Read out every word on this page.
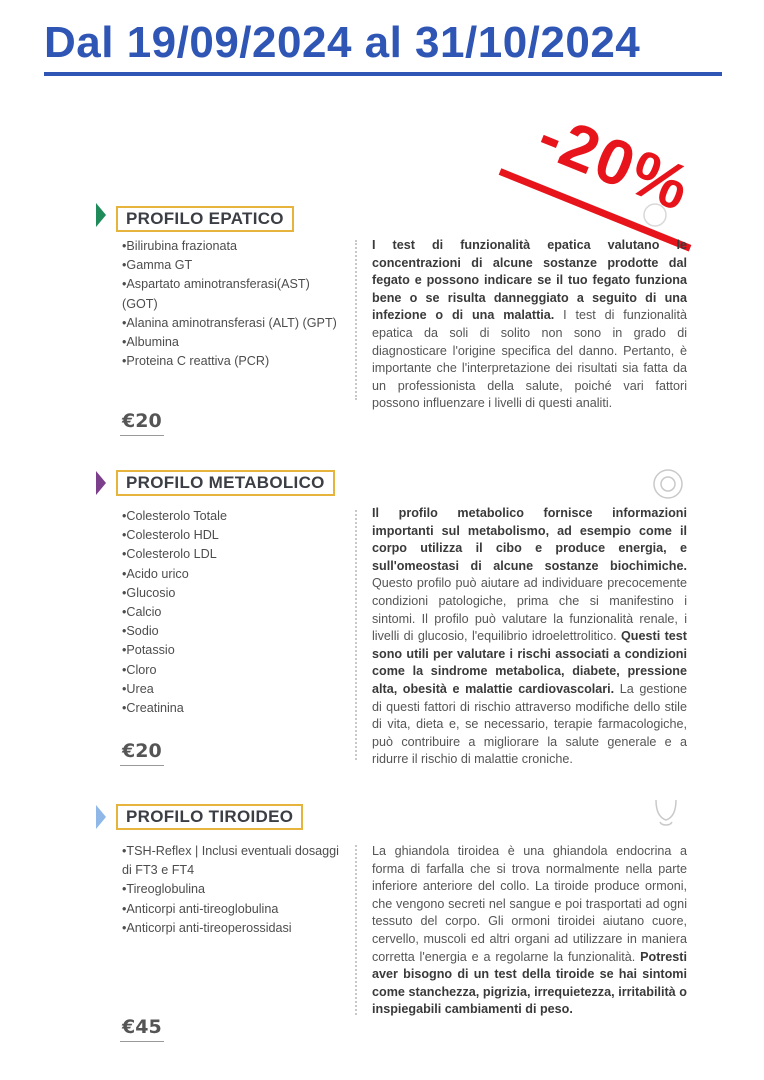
Dal 19/09/2024 al 31/10/2024
-20%
PROFILO EPATICO
•Bilirubina frazionata
•Gamma GT
•Aspartato aminotransferasi(AST) (GOT)
•Alanina aminotransferasi (ALT) (GPT)
•Albumina
•Proteina C reattiva (PCR)
€20
I test di funzionalità epatica valutano le concentrazioni di alcune sostanze prodotte dal fegato e possono indicare se il tuo fegato funziona bene o se risulta danneggiato a seguito di una infezione o di una malattia. I test di funzionalità epatica da soli di solito non sono in grado di diagnosticare l'origine specifica del danno. Pertanto, è importante che l'interpretazione dei risultati sia fatta da un professionista della salute, poiché vari fattori possono influenzare i livelli di questi analiti.
PROFILO METABOLICO
•Colesterolo Totale
•Colesterolo HDL
•Colesterolo LDL
•Acido urico
•Glucosio
•Calcio
•Sodio
•Potassio
•Cloro
•Urea
•Creatinina
€20
Il profilo metabolico fornisce informazioni importanti sul metabolismo, ad esempio come il corpo utilizza il cibo e produce energia, e sull'omeostasi di alcune sostanze biochimiche. Questo profilo può aiutare ad individuare precocemente condizioni patologiche, prima che si manifestino i sintomi. Il profilo può valutare la funzionalità renale, i livelli di glucosio, l'equilibrio idroelettrolitico. Questi test sono utili per valutare i rischi associati a condizioni come la sindrome metabolica, diabete, pressione alta, obesità e malattie cardiovascolari. La gestione di questi fattori di rischio attraverso modifiche dello stile di vita, dieta e, se necessario, terapie farmacologiche, può contribuire a migliorare la salute generale e a ridurre il rischio di malattie croniche.
PROFILO TIROIDEO
•TSH-Reflex | Inclusi eventuali dosaggi di FT3 e FT4
•Tireoglobulina
•Anticorpi anti-tireoglobulina
•Anticorpi anti-tireoperossidasi
€45
La ghiandola tiroidea è una ghiandola endocrina a forma di farfalla che si trova normalmente nella parte inferiore anteriore del collo. La tiroide produce ormoni, che vengono secreti nel sangue e poi trasportati ad ogni tessuto del corpo. Gli ormoni tiroidei aiutano cuore, cervello, muscoli ed altri organi ad utilizzare in maniera corretta l'energia e a regolarne la funzionalità. Potresti aver bisogno di un test della tiroide se hai sintomi come stanchezza, pigrizia, irrequietezza, irritabilità o inspiegabili cambiamenti di peso.
